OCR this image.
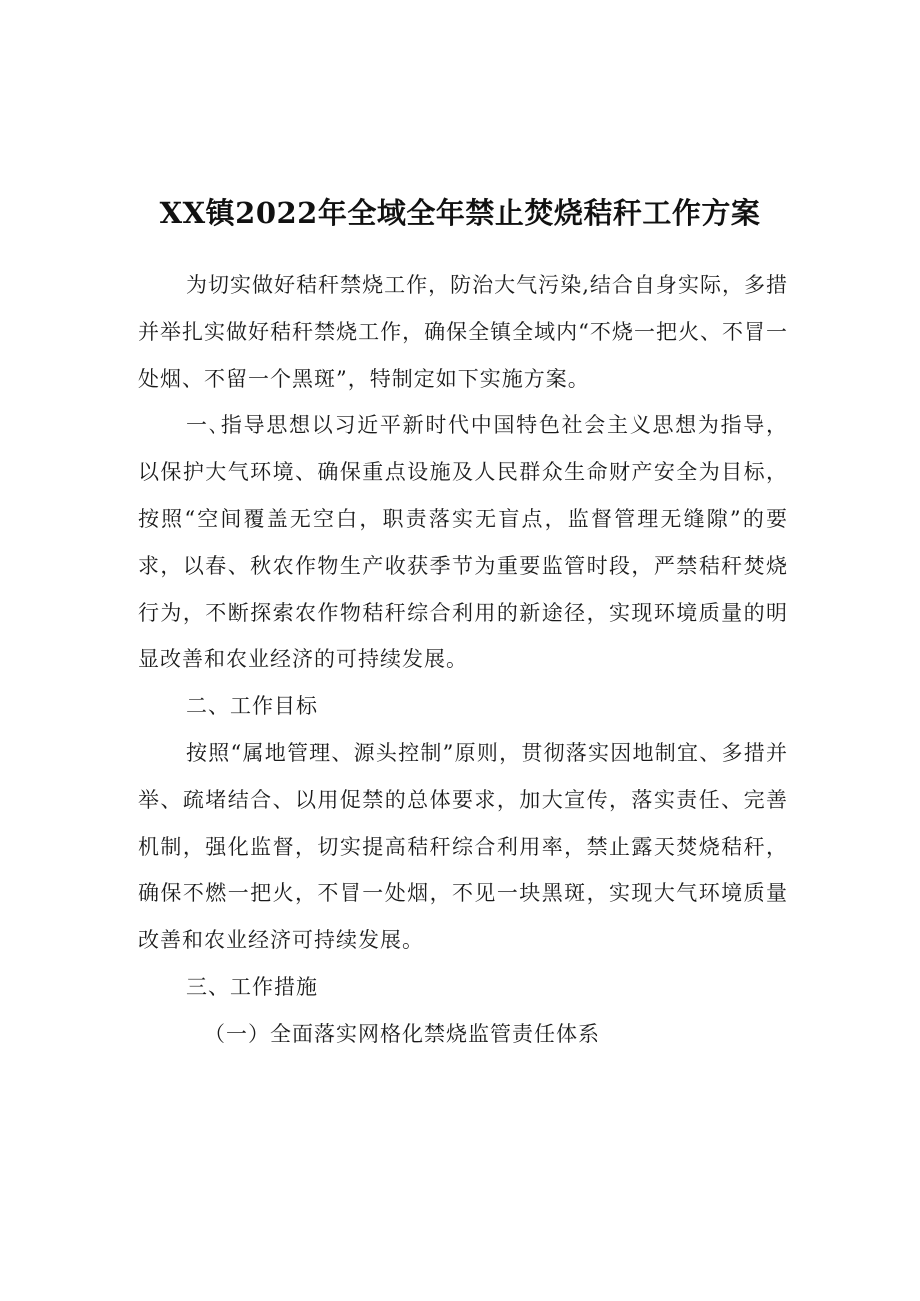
XX镇2022年全域全年禁止焚烧秸秆工作方案

为切实做好秸秆禁烧工作，防治大气污染,结合自身实际，多措并举扎实做好秸秆禁烧工作，确保全镇全域内“不烧一把火、不冒一处烟、不留一个黑斑”，特制定如下实施方案。

一､指导思想以习近平新时代中国特色社会主义思想为指导，以保护大气环境、确保重点设施及人民群众生命财产安全为目标，按照“空间覆盖无空白，职责落实无盲点，监督管理无缝隙”的要求，以春、秋农作物生产收获季节为重要监管时段，严禁秸秆焚烧行为，不断探索农作物秸秆综合利用的新途径，实现环境质量的明显改善和农业经济的可持续发展。

二、工作目标

按照“属地管理、源头控制”原则，贯彻落实因地制宜、多措并举、疏堵结合、以用促禁的总体要求，加大宣传，落实责任、完善机制，强化监督，切实提高秸秆综合利用率，禁止露天焚烧秸秆，确保不燃一把火，不冒一处烟，不见一块黑斑，实现大气环境质量改善和农业经济可持续发展。

三、工作措施

（一）全面落实网格化禁烧监管责任体系
